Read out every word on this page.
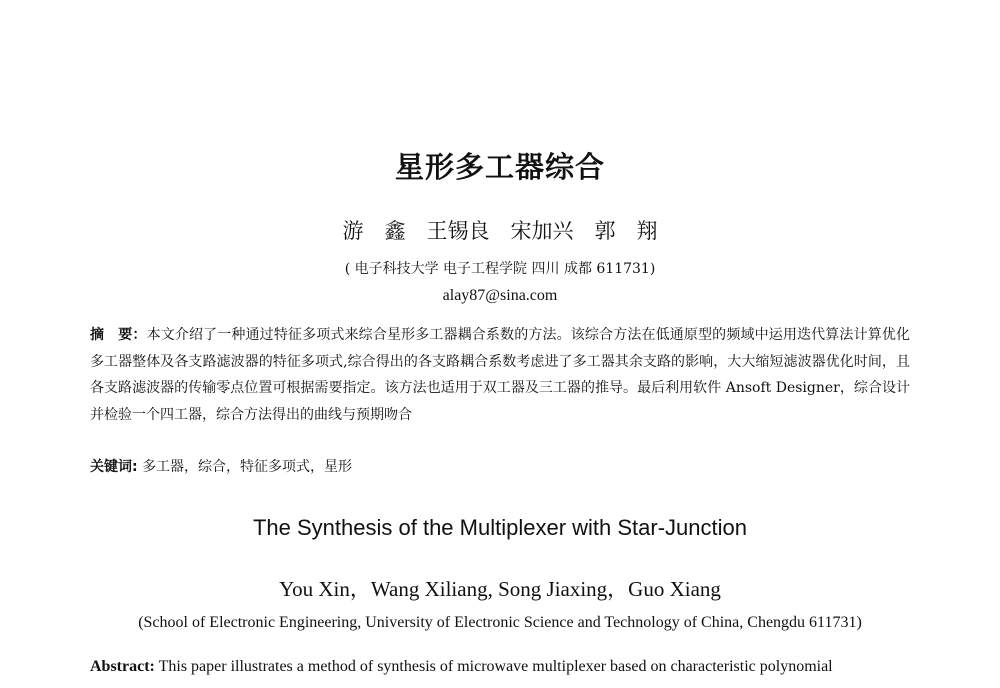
星形多工器综合
游　鑫　王锡良　宋加兴　郭　翔
( 电子科技大学 电子工程学院 四川 成都 611731)
alay87@sina.com
摘　要：本文介绍了一种通过特征多项式来综合星形多工器耦合系数的方法。该综合方法在低通原型的频域中运用迭代算法计算优化多工器整体及各支路滤波器的特征多项式,综合得出的各支路耦合系数考虑进了多工器其余支路的影响，大大缩短滤波器优化时间，且各支路滤波器的传输零点位置可根据需要指定。该方法也适用于双工器及三工器的推导。最后利用软件 Ansoft Designer，综合设计并检验一个四工器，综合方法得出的曲线与预期吻合
关键词: 多工器，综合，特征多项式，星形
The Synthesis of the Multiplexer with Star-Junction
You Xin，Wang Xiliang, Song Jiaxing，Guo Xiang
(School of Electronic Engineering, University of Electronic Science and Technology of China, Chengdu 611731)
Abstract: This paper illustrates a method of synthesis of microwave multiplexer based on characteristic polynomial
